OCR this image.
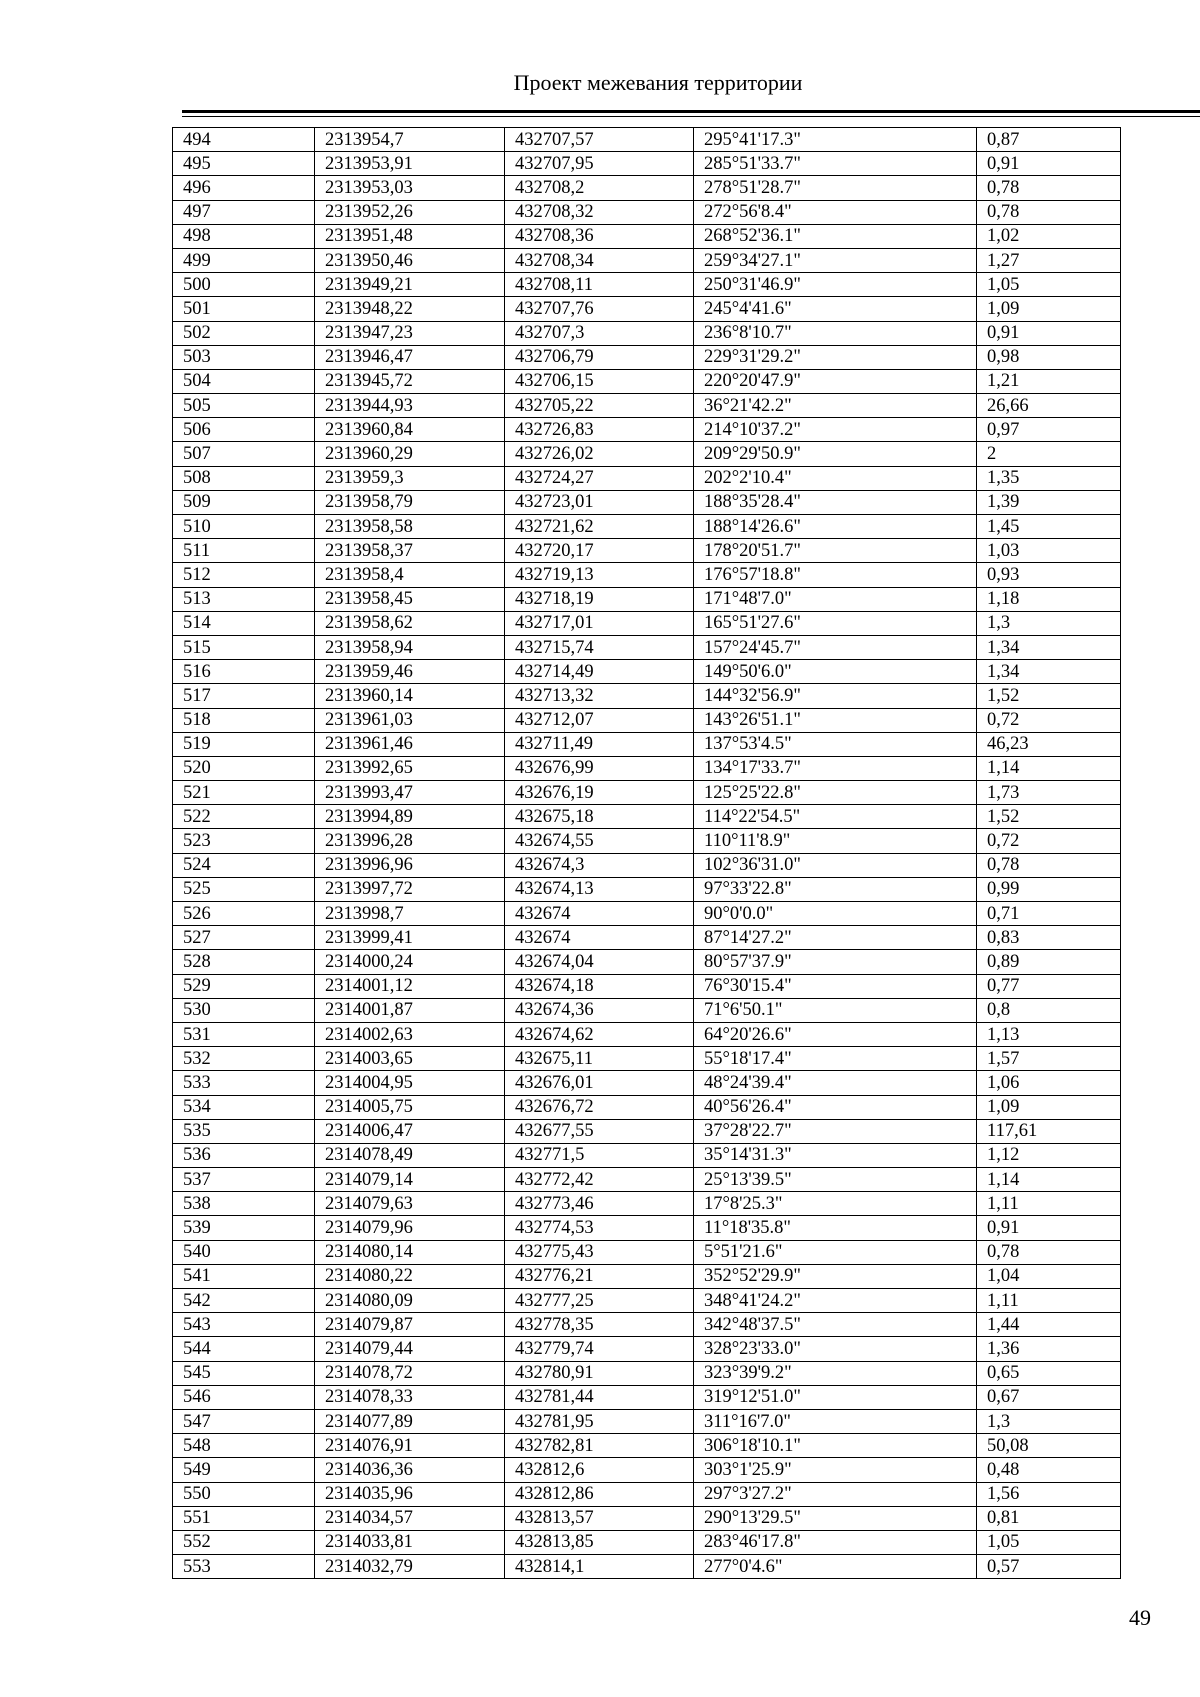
Проект межевания территории
494	2313954,7	432707,57	295°41'17.3"	0,87
495	2313953,91	432707,95	285°51'33.7"	0,91
496	2313953,03	432708,2	278°51'28.7"	0,78
497	2313952,26	432708,32	272°56'8.4"	0,78
498	2313951,48	432708,36	268°52'36.1"	1,02
499	2313950,46	432708,34	259°34'27.1"	1,27
500	2313949,21	432708,11	250°31'46.9"	1,05
501	2313948,22	432707,76	245°4'41.6"	1,09
502	2313947,23	432707,3	236°8'10.7"	0,91
503	2313946,47	432706,79	229°31'29.2"	0,98
504	2313945,72	432706,15	220°20'47.9"	1,21
505	2313944,93	432705,22	36°21'42.2"	26,66
506	2313960,84	432726,83	214°10'37.2"	0,97
507	2313960,29	432726,02	209°29'50.9"	2
508	2313959,3	432724,27	202°2'10.4"	1,35
509	2313958,79	432723,01	188°35'28.4"	1,39
510	2313958,58	432721,62	188°14'26.6"	1,45
511	2313958,37	432720,17	178°20'51.7"	1,03
512	2313958,4	432719,13	176°57'18.8"	0,93
513	2313958,45	432718,19	171°48'7.0"	1,18
514	2313958,62	432717,01	165°51'27.6"	1,3
515	2313958,94	432715,74	157°24'45.7"	1,34
516	2313959,46	432714,49	149°50'6.0"	1,34
517	2313960,14	432713,32	144°32'56.9"	1,52
518	2313961,03	432712,07	143°26'51.1"	0,72
519	2313961,46	432711,49	137°53'4.5"	46,23
520	2313992,65	432676,99	134°17'33.7"	1,14
521	2313993,47	432676,19	125°25'22.8"	1,73
522	2313994,89	432675,18	114°22'54.5"	1,52
523	2313996,28	432674,55	110°11'8.9"	0,72
524	2313996,96	432674,3	102°36'31.0"	0,78
525	2313997,72	432674,13	97°33'22.8"	0,99
526	2313998,7	432674	90°0'0.0"	0,71
527	2313999,41	432674	87°14'27.2"	0,83
528	2314000,24	432674,04	80°57'37.9"	0,89
529	2314001,12	432674,18	76°30'15.4"	0,77
530	2314001,87	432674,36	71°6'50.1"	0,8
531	2314002,63	432674,62	64°20'26.6"	1,13
532	2314003,65	432675,11	55°18'17.4"	1,57
533	2314004,95	432676,01	48°24'39.4"	1,06
534	2314005,75	432676,72	40°56'26.4"	1,09
535	2314006,47	432677,55	37°28'22.7"	117,61
536	2314078,49	432771,5	35°14'31.3"	1,12
537	2314079,14	432772,42	25°13'39.5"	1,14
538	2314079,63	432773,46	17°8'25.3"	1,11
539	2314079,96	432774,53	11°18'35.8"	0,91
540	2314080,14	432775,43	5°51'21.6"	0,78
541	2314080,22	432776,21	352°52'29.9"	1,04
542	2314080,09	432777,25	348°41'24.2"	1,11
543	2314079,87	432778,35	342°48'37.5"	1,44
544	2314079,44	432779,74	328°23'33.0"	1,36
545	2314078,72	432780,91	323°39'9.2"	0,65
546	2314078,33	432781,44	319°12'51.0"	0,67
547	2314077,89	432781,95	311°16'7.0"	1,3
548	2314076,91	432782,81	306°18'10.1"	50,08
549	2314036,36	432812,6	303°1'25.9"	0,48
550	2314035,96	432812,86	297°3'27.2"	1,56
551	2314034,57	432813,57	290°13'29.5"	0,81
552	2314033,81	432813,85	283°46'17.8"	1,05
553	2314032,79	432814,1	277°0'4.6"	0,57
49
